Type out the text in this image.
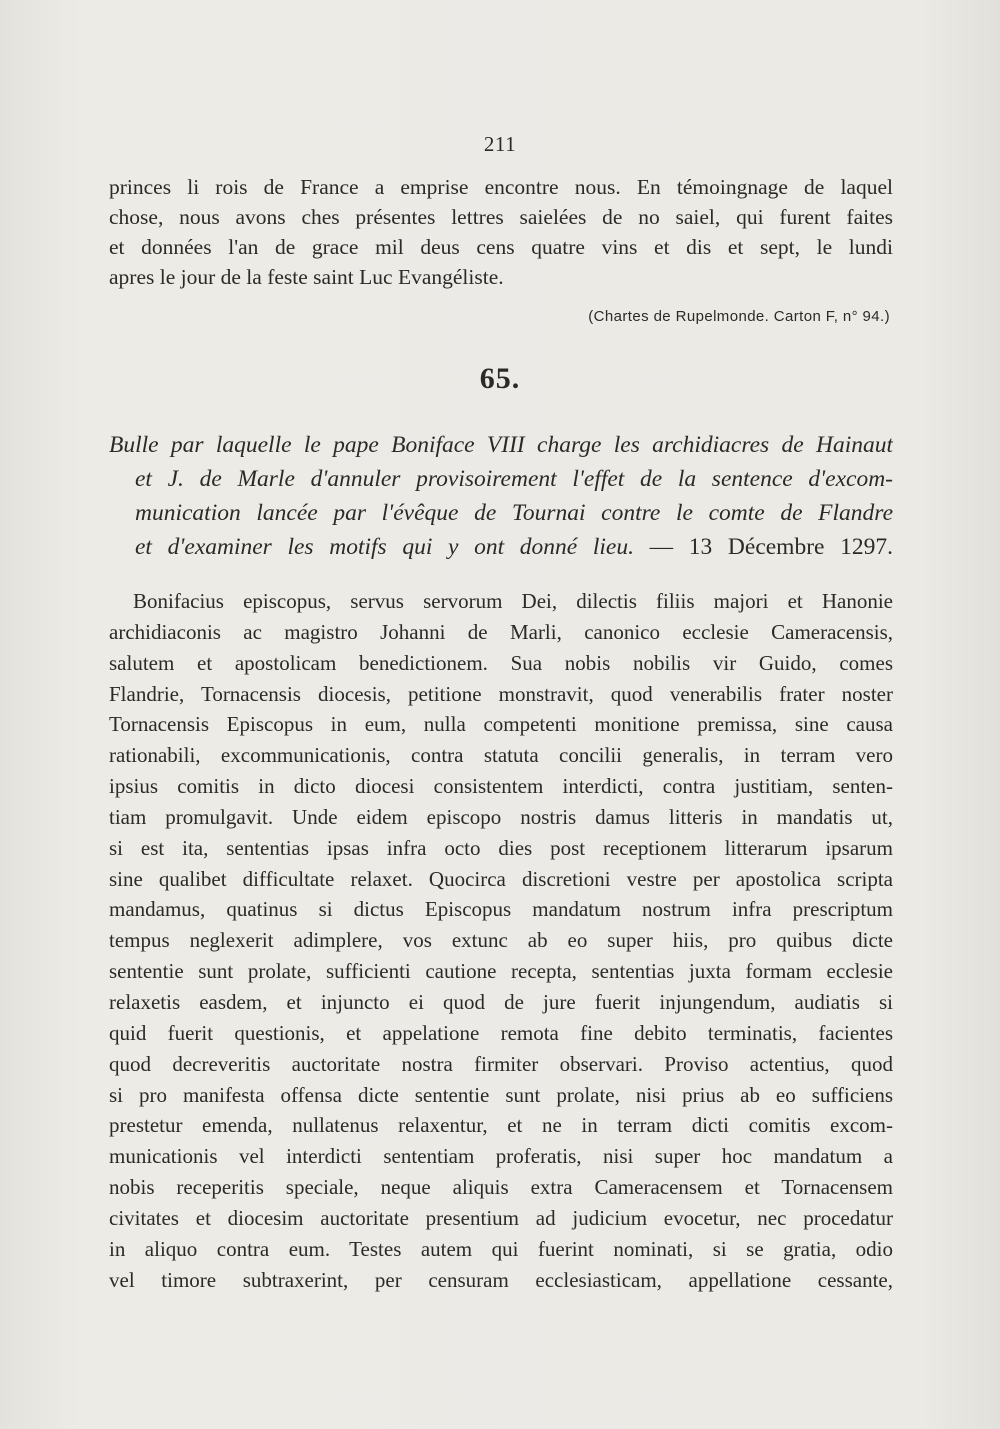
211
princes li rois de France a emprise encontre nous. En témoingnage de laquel
chose, nous avons ches présentes lettres saielées de no saiel, qui furent faites
et données l'an de grace mil deus cens quatre vins et dis et sept, le lundi
apres le jour de la feste saint Luc Evangéliste.
(Chartes de Rupelmonde. Carton F, n° 94.)
65.
Bulle par laquelle le pape Boniface VIII charge les archidiacres de Hainaut
et J. de Marle d'annuler provisoirement l'effet de la sentence d'excom-
munication lancée par l'évêque de Tournai contre le comte de Flandre
et d'examiner les motifs qui y ont donné lieu. — 13 Décembre 1297.
Bonifacius episcopus, servus servorum Dei, dilectis filiis majori et Hanonie
archidiaconis ac magistro Johanni de Marli, canonico ecclesie Cameracensis,
salutem et apostolicam benedictionem. Sua nobis nobilis vir Guido, comes
Flandrie, Tornacensis diocesis, petitione monstravit, quod venerabilis frater noster
Tornacensis Episcopus in eum, nulla competenti monitione premissa, sine causa
rationabili, excommunicationis, contra statuta concilii generalis, in terram vero
ipsius comitis in dicto diocesi consistentem interdicti, contra justitiam, senten-
tiam promulgavit. Unde eidem episcopo nostris damus litteris in mandatis ut,
si est ita, sententias ipsas infra octo dies post receptionem litterarum ipsarum
sine qualibet difficultate relaxet. Quocirca discretioni vestre per apostolica scripta
mandamus, quatinus si dictus Episcopus mandatum nostrum infra prescriptum
tempus neglexerit adimplere, vos extunc ab eo super hiis, pro quibus dicte
sententie sunt prolate, sufficienti cautione recepta, sententias juxta formam ecclesie
relaxetis easdem, et injuncto ei quod de jure fuerit injungendum, audiatis si
quid fuerit questionis, et appelatione remota fine debito terminatis, facientes
quod decreveritis auctoritate nostra firmiter observari. Proviso actentius, quod
si pro manifesta offensa dicte sententie sunt prolate, nisi prius ab eo sufficiens
prestetur emenda, nullatenus relaxentur, et ne in terram dicti comitis excom-
municationis vel interdicti sententiam proferatis, nisi super hoc mandatum a
nobis receperitis speciale, neque aliquis extra Cameracensem et Tornacensem
civitates et diocesim auctoritate presentium ad judicium evocetur, nec procedatur
in aliquo contra eum. Testes autem qui fuerint nominati, si se gratia, odio
vel timore subtraxerint, per censuram ecclesiasticam, appellatione cessante,
